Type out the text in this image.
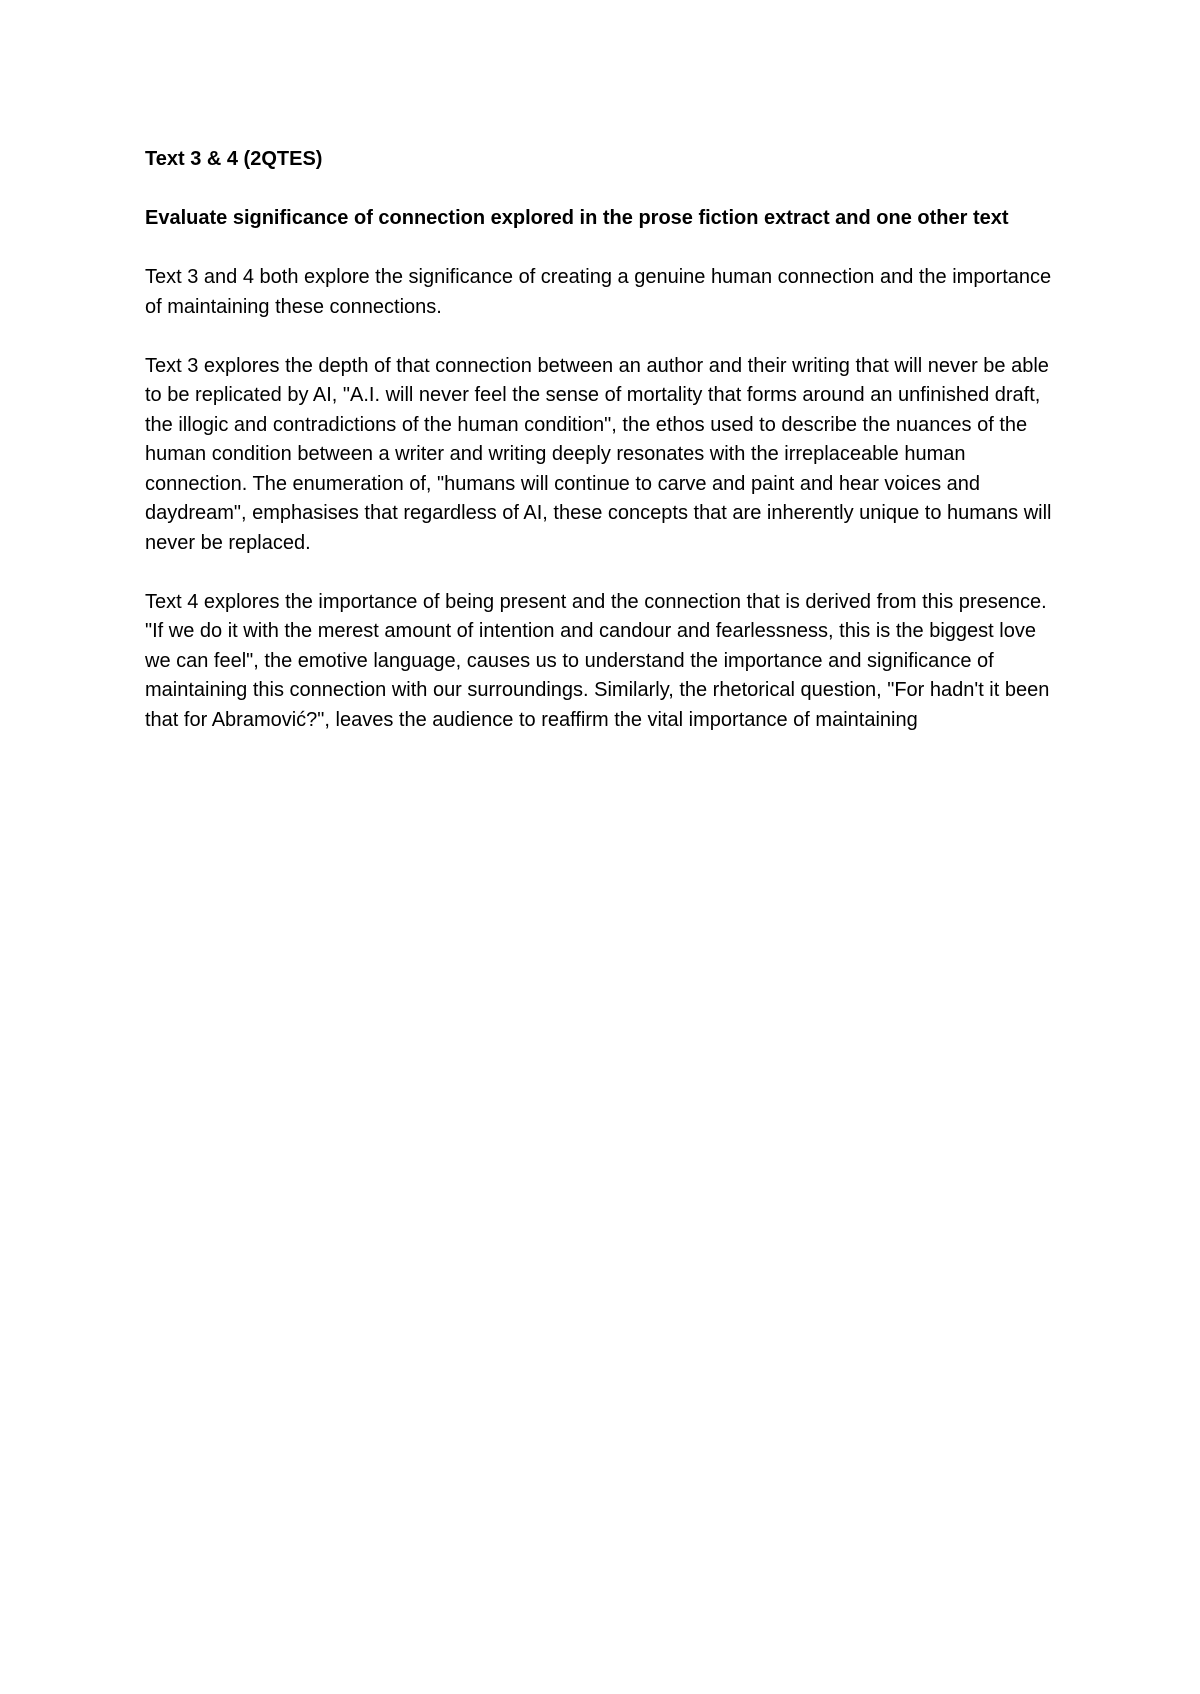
Text 3 & 4 (2QTES)

Evaluate significance of connection explored in the prose fiction extract and one other text

Text 3 and 4 both explore the significance of creating a genuine human connection and the importance of maintaining these connections.

Text 3 explores the depth of that connection between an author and their writing that will never be able to be replicated by AI, "A.I. will never feel the sense of mortality that forms around an unfinished draft, the illogic and contradictions of the human condition", the ethos used to describe the nuances of the human condition between a writer and writing deeply resonates with the irreplaceable human connection. The enumeration of, "humans will continue to carve and paint and hear voices and daydream", emphasises that regardless of AI, these concepts that are inherently unique to humans will never be replaced.

Text 4 explores the importance of being present and the connection that is derived from this presence. "If we do it with the merest amount of intention and candour and fearlessness, this is the biggest love we can feel", the emotive language, causes us to understand the importance and significance of maintaining this connection with our surroundings. Similarly, the rhetorical question, "For hadn't it been that for Abramović?", leaves the audience to reaffirm the vital importance of maintaining
